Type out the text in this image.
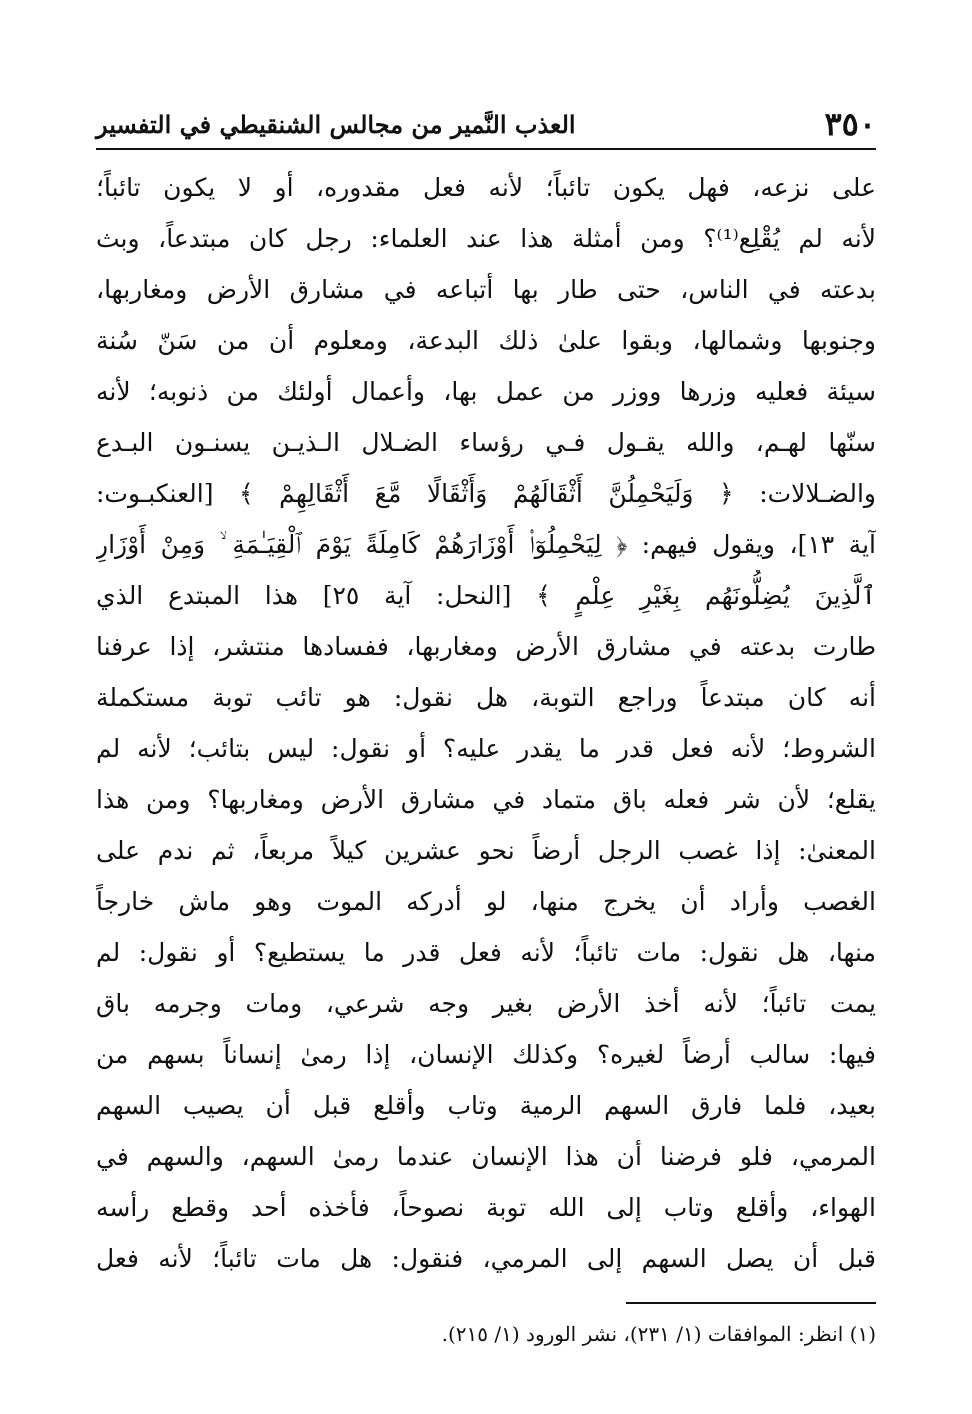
٣٥٠
العذب النَّمير من مجالس الشنقيطي في التفسير
على نزعه، فهل يكون تائباً؛ لأنه فعل مقدوره، أو لا يكون تائباً؛
لأنه لم يُقْلِع⁽¹⁾؟ ومن أمثلة هذا عند العلماء: رجل كان مبتدعاً، وبث
بدعته في الناس، حتى طار بها أتباعه في مشارق الأرض ومغاربها،
وجنوبها وشمالها، وبقوا علىٰ ذلك البدعة، ومعلوم أن من سَنّ سُنة
سيئة فعليه وزرها ووزر من عمل بها، وأعمال أولئك من ذنوبه؛ لأنه
سنّها لهـم، والله يقـول فـي رؤساء الضـلال الـذيـن يسنـون البـدع
والضـلالات: ﴿ وَلَيَحْمِلُنَّ أَثْقَالَهُمْ وَأَثْقَالًا مَّعَ أَثْقَالِهِمْ ﴾ [العنكبـوت:
آية ١٣]، ويقول فيهم: ﴿ لِيَحْمِلُوٓا۟ أَوْزَارَهُمْ كَامِلَةً يَوْمَ ٱلْقِيَـٰمَةِ ۙ وَمِنْ أَوْزَارِ
ٱلَّذِينَ يُضِلُّونَهُم بِغَيْرِ عِلْمٍ ﴾ [النحل: آية ٢٥] هذا المبتدع الذي
طارت بدعته في مشارق الأرض ومغاربها، ففسادها منتشر، إذا عرفنا
أنه كان مبتدعاً وراجع التوبة، هل نقول: هو تائب توبة مستكملة
الشروط؛ لأنه فعل قدر ما يقدر عليه؟ أو نقول: ليس بتائب؛ لأنه لم
يقلع؛ لأن شر فعله باق متماد في مشارق الأرض ومغاربها؟ ومن هذا
المعنىٰ: إذا غصب الرجل أرضاً نحو عشرين كيلاً مربعاً، ثم ندم على
الغصب وأراد أن يخرج منها، لو أدركه الموت وهو ماش خارجاً
منها، هل نقول: مات تائباً؛ لأنه فعل قدر ما يستطيع؟ أو نقول: لم
يمت تائباً؛ لأنه أخذ الأرض بغير وجه شرعي، ومات وجرمه باق
فيها: سالب أرضاً لغيره؟ وكذلك الإنسان، إذا رمىٰ إنساناً بسهم من
بعيد، فلما فارق السهم الرمية وتاب وأقلع قبل أن يصيب السهم
المرمي، فلو فرضنا أن هذا الإنسان عندما رمىٰ السهم، والسهم في
الهواء، وأقلع وتاب إلى الله توبة نصوحاً، فأخذه أحد وقطع رأسه
قبل أن يصل السهم إلى المرمي، فنقول: هل مات تائباً؛ لأنه فعل
(١) انظر: الموافقات (١/ ٢٣١)، نشر الورود (١/ ٢١٥).
